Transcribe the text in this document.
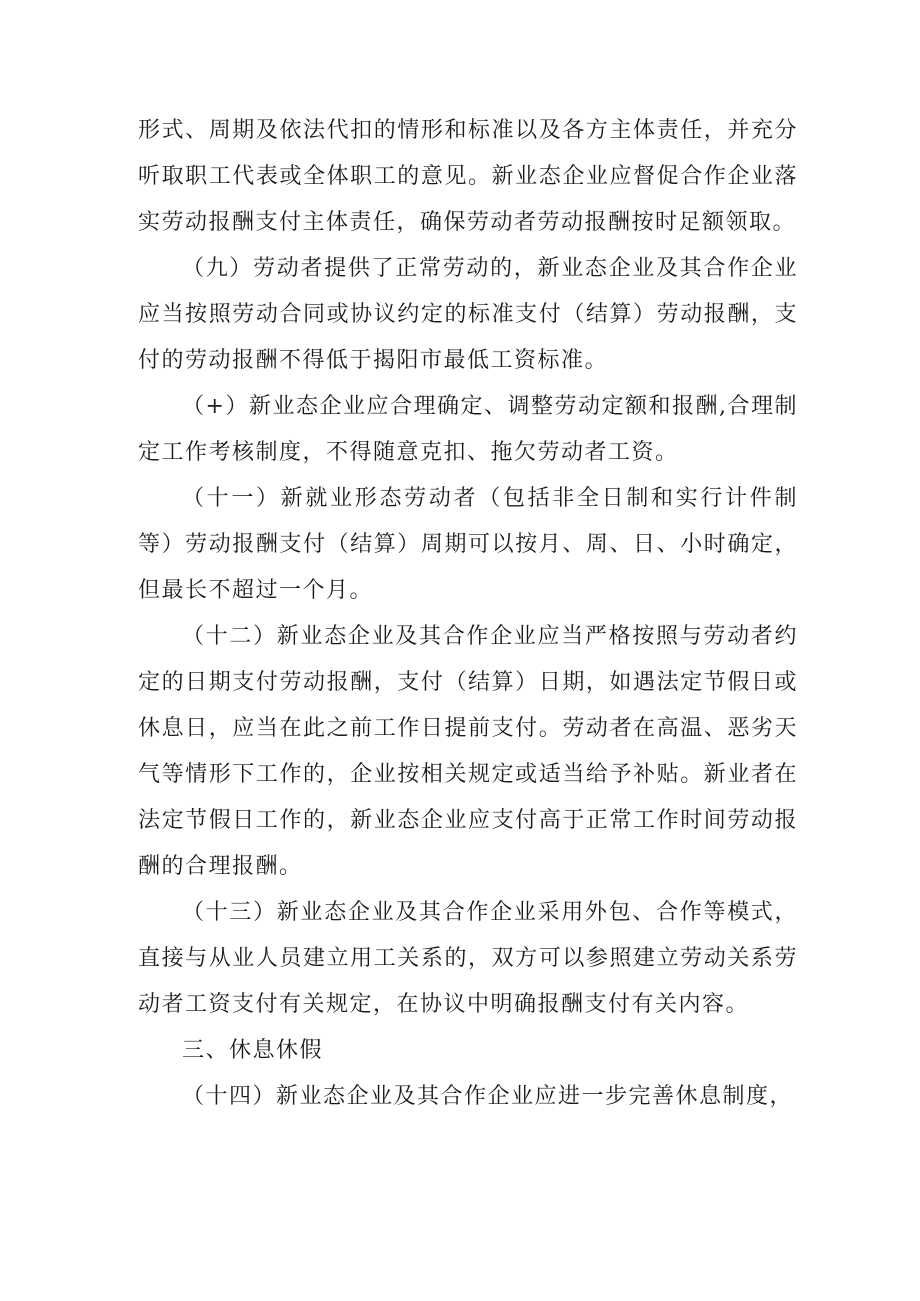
形式、周期及依法代扣的情形和标准以及各方主体责任，并充分听取职工代表或全体职工的意见。新业态企业应督促合作企业落实劳动报酬支付主体责任，确保劳动者劳动报酬按时足额领取。

（九）劳动者提供了正常劳动的，新业态企业及其合作企业应当按照劳动合同或协议约定的标准支付（结算）劳动报酬，支付的劳动报酬不得低于揭阳市最低工资标准。

（+）新业态企业应合理确定、调整劳动定额和报酬,合理制定工作考核制度，不得随意克扣、拖欠劳动者工资。

（十一）新就业形态劳动者（包括非全日制和实行计件制等）劳动报酬支付（结算）周期可以按月、周、日、小时确定，但最长不超过一个月。

（十二）新业态企业及其合作企业应当严格按照与劳动者约定的日期支付劳动报酬，支付（结算）日期，如遇法定节假日或休息日，应当在此之前工作日提前支付。劳动者在高温、恶劣天气等情形下工作的，企业按相关规定或适当给予补贴。新业者在法定节假日工作的，新业态企业应支付高于正常工作时间劳动报酬的合理报酬。

（十三）新业态企业及其合作企业采用外包、合作等模式，直接与从业人员建立用工关系的，双方可以参照建立劳动关系劳动者工资支付有关规定，在协议中明确报酬支付有关内容。

三、休息休假

（十四）新业态企业及其合作企业应进一步完善休息制度，
